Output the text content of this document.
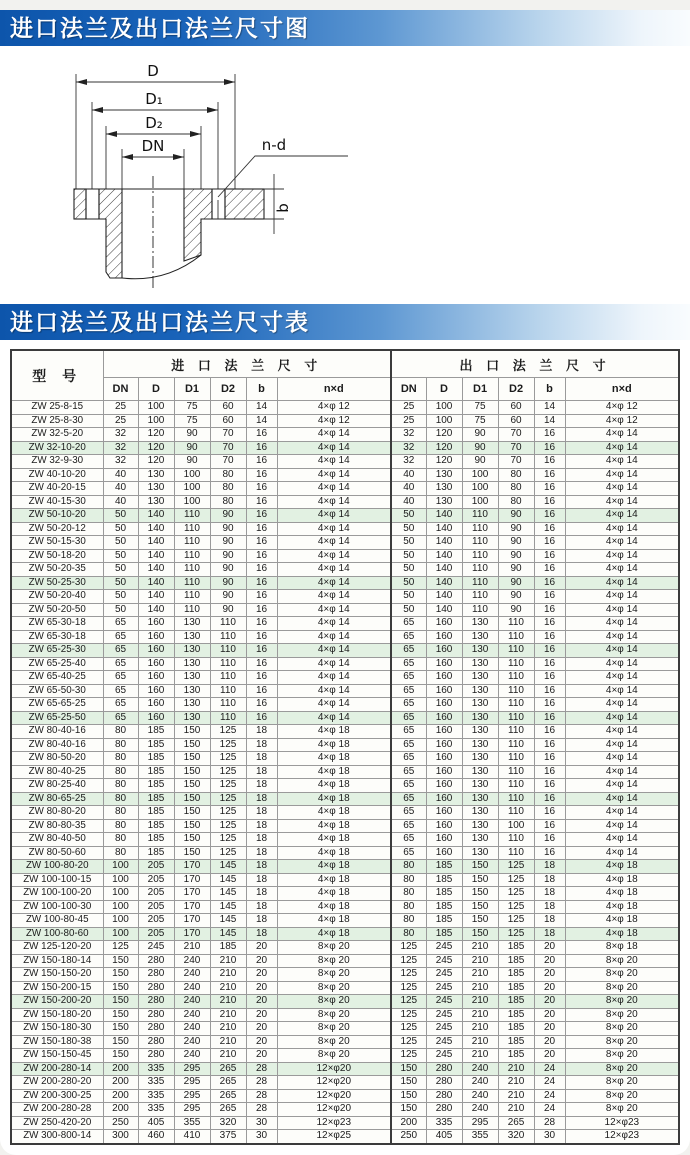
进口法兰及出口法兰尺寸图
D
D₁
D₂
DN	n-d
b
进口法兰及出口法兰尺寸表
型 号	进 口 法 兰 尺 寸						出 口 法 兰 尺 寸					
	DN	D	D1	D2	b	n×d	DN	D	D1	D2	b	n×d
ZW 25-8-15	25	100	75	60	14	4×φ 12	25	100	75	60	14	4×φ 12
ZW 25-8-30	25	100	75	60	14	4×φ 12	25	100	75	60	14	4×φ 12
ZW 32-5-20	32	120	90	70	16	4×φ 14	32	120	90	70	16	4×φ 14
ZW 32-10-20	32	120	90	70	16	4×φ 14	32	120	90	70	16	4×φ 14
ZW 32-9-30	32	120	90	70	16	4×φ 14	32	120	90	70	16	4×φ 14
ZW 40-10-20	40	130	100	80	16	4×φ 14	40	130	100	80	16	4×φ 14
ZW 40-20-15	40	130	100	80	16	4×φ 14	40	130	100	80	16	4×φ 14
ZW 40-15-30	40	130	100	80	16	4×φ 14	40	130	100	80	16	4×φ 14
ZW 50-10-20	50	140	110	90	16	4×φ 14	50	140	110	90	16	4×φ 14
ZW 50-20-12	50	140	110	90	16	4×φ 14	50	140	110	90	16	4×φ 14
ZW 50-15-30	50	140	110	90	16	4×φ 14	50	140	110	90	16	4×φ 14
ZW 50-18-20	50	140	110	90	16	4×φ 14	50	140	110	90	16	4×φ 14
ZW 50-20-35	50	140	110	90	16	4×φ 14	50	140	110	90	16	4×φ 14
ZW 50-25-30	50	140	110	90	16	4×φ 14	50	140	110	90	16	4×φ 14
ZW 50-20-40	50	140	110	90	16	4×φ 14	50	140	110	90	16	4×φ 14
ZW 50-20-50	50	140	110	90	16	4×φ 14	50	140	110	90	16	4×φ 14
ZW 65-30-18	65	160	130	110	16	4×φ 14	65	160	130	110	16	4×φ 14
ZW 65-30-18	65	160	130	110	16	4×φ 14	65	160	130	110	16	4×φ 14
ZW 65-25-30	65	160	130	110	16	4×φ 14	65	160	130	110	16	4×φ 14
ZW 65-25-40	65	160	130	110	16	4×φ 14	65	160	130	110	16	4×φ 14
ZW 65-40-25	65	160	130	110	16	4×φ 14	65	160	130	110	16	4×φ 14
ZW 65-50-30	65	160	130	110	16	4×φ 14	65	160	130	110	16	4×φ 14
ZW 65-65-25	65	160	130	110	16	4×φ 14	65	160	130	110	16	4×φ 14
ZW 65-25-50	65	160	130	110	16	4×φ 14	65	160	130	110	16	4×φ 14
ZW 80-40-16	80	185	150	125	18	4×φ 18	65	160	130	110	16	4×φ 14
ZW 80-40-16	80	185	150	125	18	4×φ 18	65	160	130	110	16	4×φ 14
ZW 80-50-20	80	185	150	125	18	4×φ 18	65	160	130	110	16	4×φ 14
ZW 80-40-25	80	185	150	125	18	4×φ 18	65	160	130	110	16	4×φ 14
ZW 80-25-40	80	185	150	125	18	4×φ 18	65	160	130	110	16	4×φ 14
ZW 80-65-25	80	185	150	125	18	4×φ 18	65	160	130	110	16	4×φ 14
ZW 80-80-20	80	185	150	125	18	4×φ 18	65	160	130	110	16	4×φ 14
ZW 80-80-35	80	185	150	125	18	4×φ 18	65	160	130	100	16	4×φ 14
ZW 80-40-50	80	185	150	125	18	4×φ 18	65	160	130	110	16	4×φ 14
ZW 80-50-60	80	185	150	125	18	4×φ 18	65	160	130	110	16	4×φ 14
ZW 100-80-20	100	205	170	145	18	4×φ 18	80	185	150	125	18	4×φ 18
ZW 100-100-15	100	205	170	145	18	4×φ 18	80	185	150	125	18	4×φ 18
ZW 100-100-20	100	205	170	145	18	4×φ 18	80	185	150	125	18	4×φ 18
ZW 100-100-30	100	205	170	145	18	4×φ 18	80	185	150	125	18	4×φ 18
ZW 100-80-45	100	205	170	145	18	4×φ 18	80	185	150	125	18	4×φ 18
ZW 100-80-60	100	205	170	145	18	4×φ 18	80	185	150	125	18	4×φ 18
ZW 125-120-20	125	245	210	185	20	8×φ 20	125	245	210	185	20	8×φ 18
ZW 150-180-14	150	280	240	210	20	8×φ 20	125	245	210	185	20	8×φ 20
ZW 150-150-20	150	280	240	210	20	8×φ 20	125	245	210	185	20	8×φ 20
ZW 150-200-15	150	280	240	210	20	8×φ 20	125	245	210	185	20	8×φ 20
ZW 150-200-20	150	280	240	210	20	8×φ 20	125	245	210	185	20	8×φ 20
ZW 150-180-20	150	280	240	210	20	8×φ 20	125	245	210	185	20	8×φ 20
ZW 150-180-30	150	280	240	210	20	8×φ 20	125	245	210	185	20	8×φ 20
ZW 150-180-38	150	280	240	210	20	8×φ 20	125	245	210	185	20	8×φ 20
ZW 150-150-45	150	280	240	210	20	8×φ 20	125	245	210	185	20	8×φ 20
ZW 200-280-14	200	335	295	265	28	12×φ20	150	280	240	210	24	8×φ 20
ZW 200-280-20	200	335	295	265	28	12×φ20	150	280	240	210	24	8×φ 20
ZW 200-300-25	200	335	295	265	28	12×φ20	150	280	240	210	24	8×φ 20
ZW 200-280-28	200	335	295	265	28	12×φ20	150	280	240	210	24	8×φ 20
ZW 250-420-20	250	405	355	320	30	12×φ23	200	335	295	265	28	12×φ23
ZW 300-800-14	300	460	410	375	30	12×φ25	250	405	355	320	30	12×φ23
